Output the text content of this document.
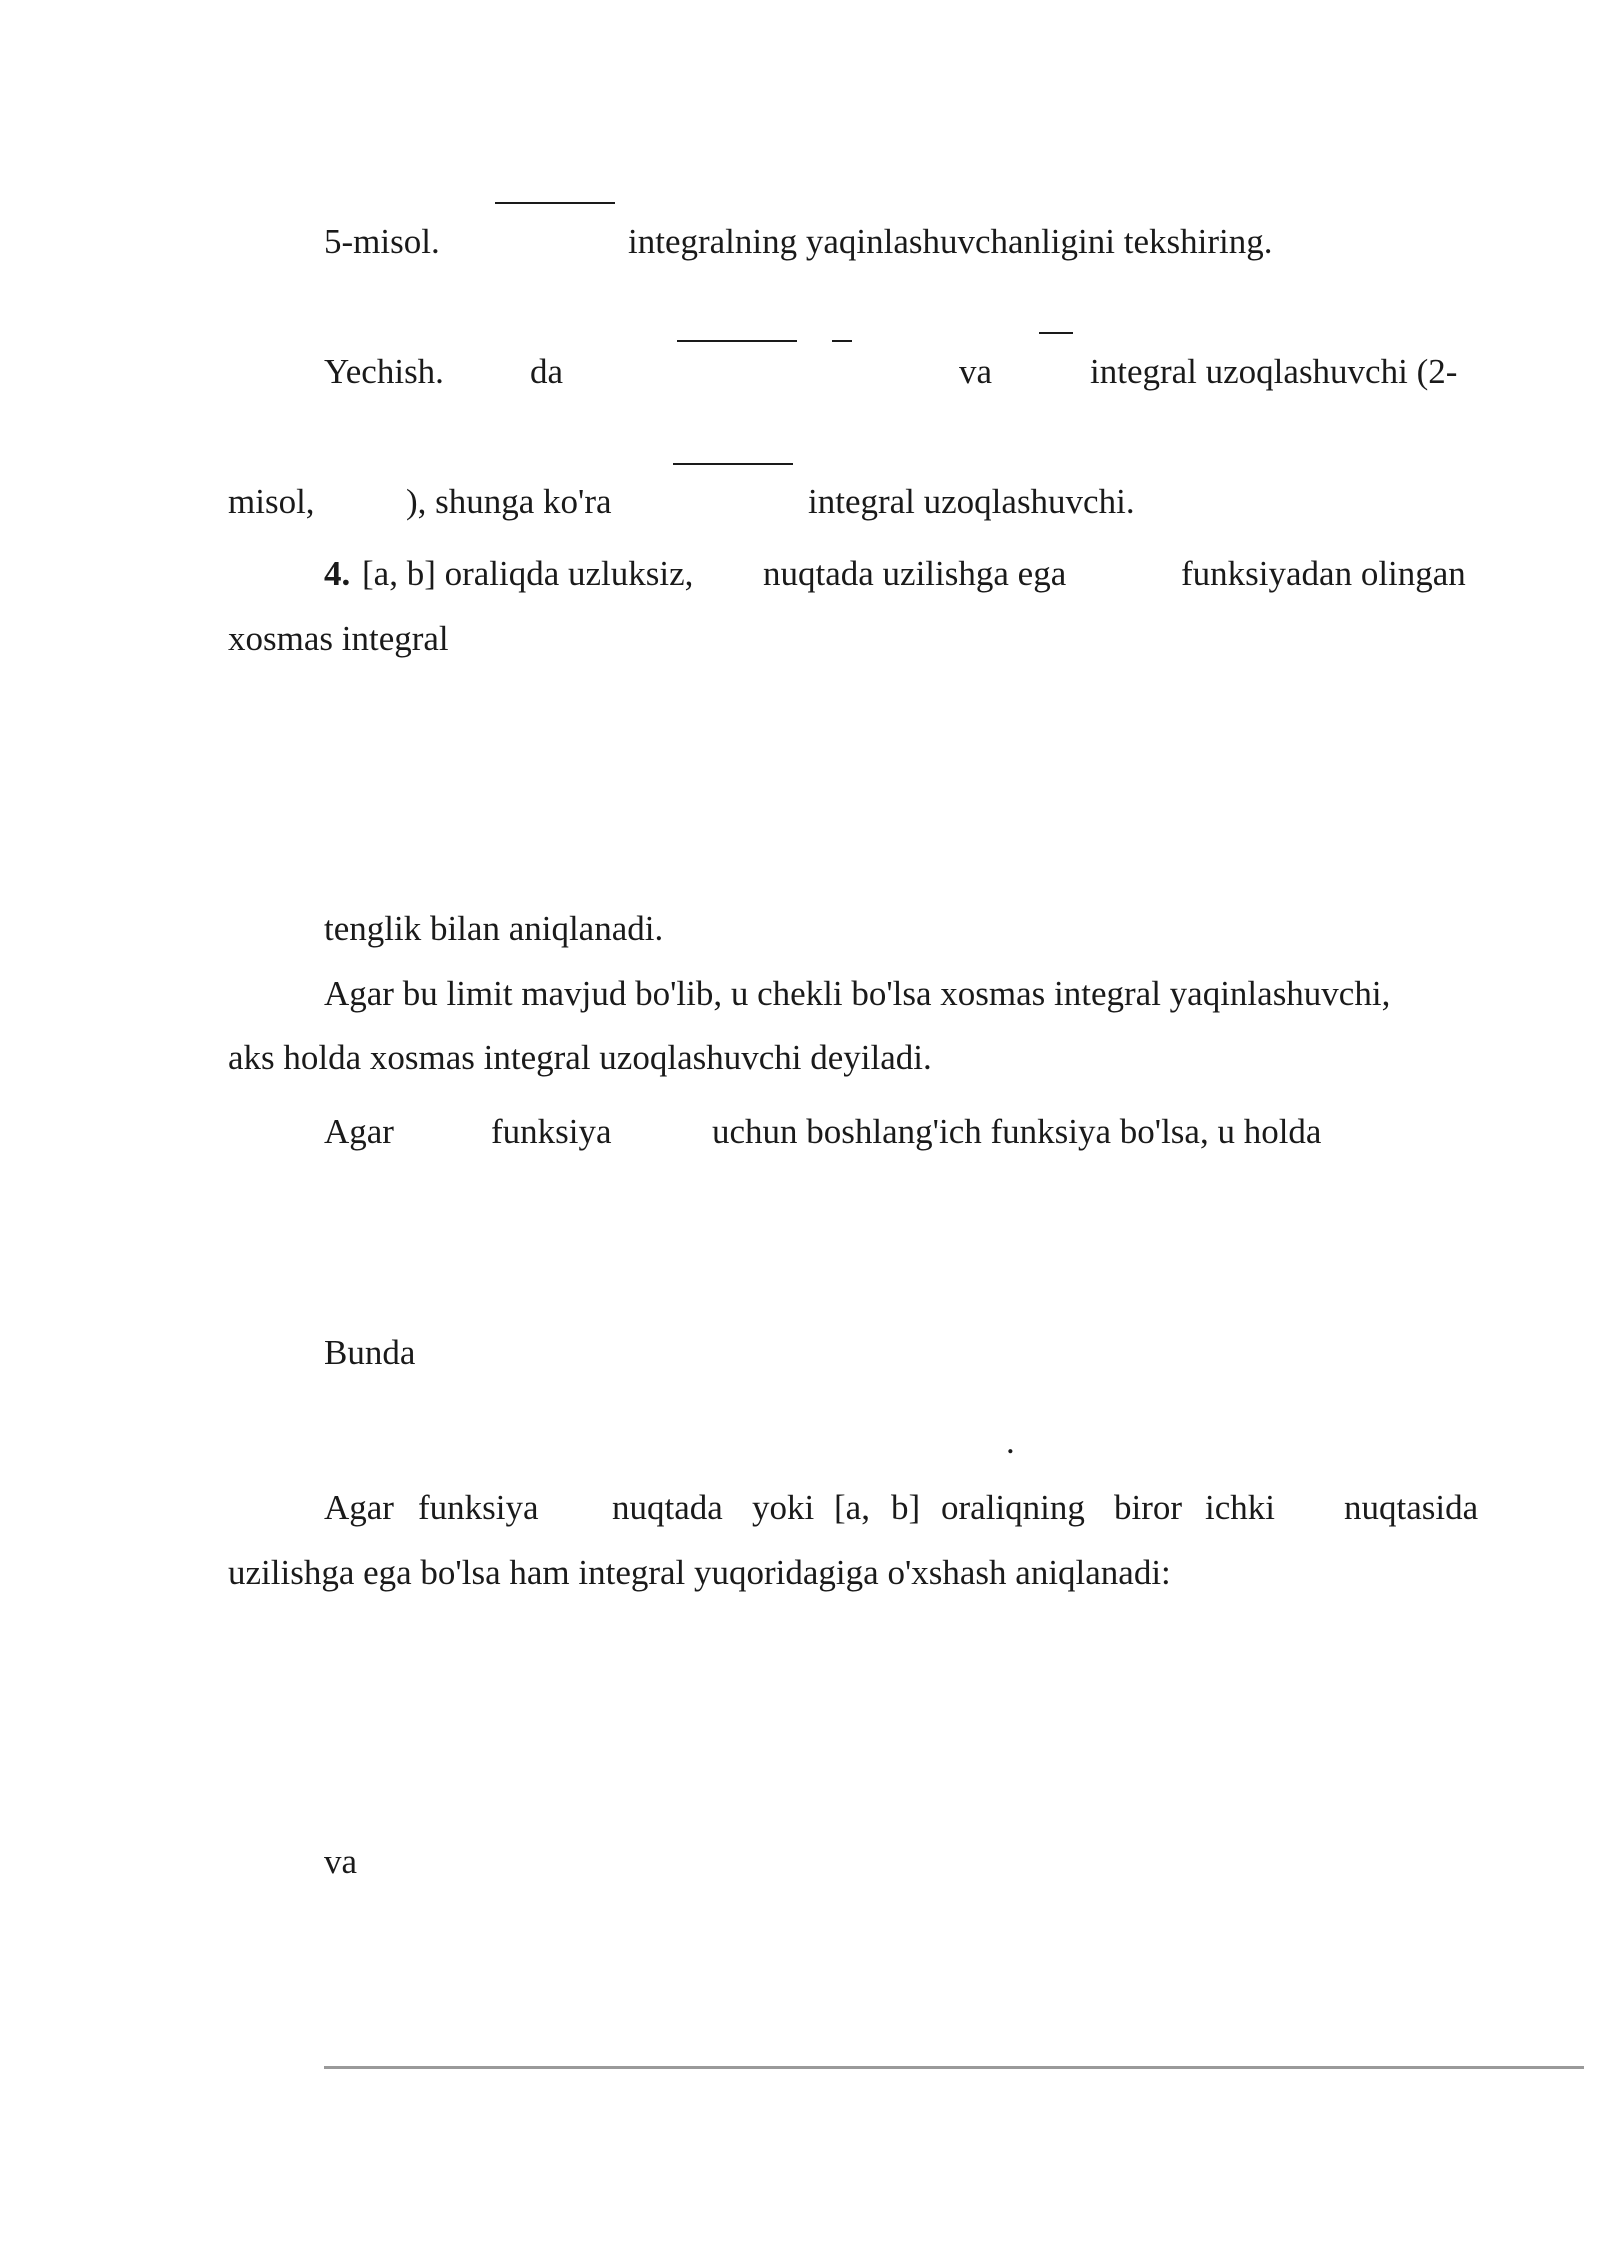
5-misol.	integralning yaqinlashuvchanligini tekshiring.
Yechish. da	va	integral uzoqlashuvchi (2-
misol,	), shunga ko'ra	integral uzoqlashuvchi.
4. [a, b] oraliqda uzluksiz, nuqtada uzilishga ega	funksiyadan olingan
xosmas integral
tenglik bilan aniqlanadi.
Agar bu limit mavjud bo'lib, u chekli bo'lsa xosmas integral yaqinlashuvchi,
aks holda xosmas integral uzoqlashuvchi deyiladi.
Agar	funksiya	uchun boshlang'ich funksiya bo'lsa, u holda
Bunda
.
Agar funksiya nuqtada yoki [a, b] oraliqning biror ichki nuqtasida
uzilishga ega bo'lsa ham integral yuqoridagiga o'xshash aniqlanadi:
va
